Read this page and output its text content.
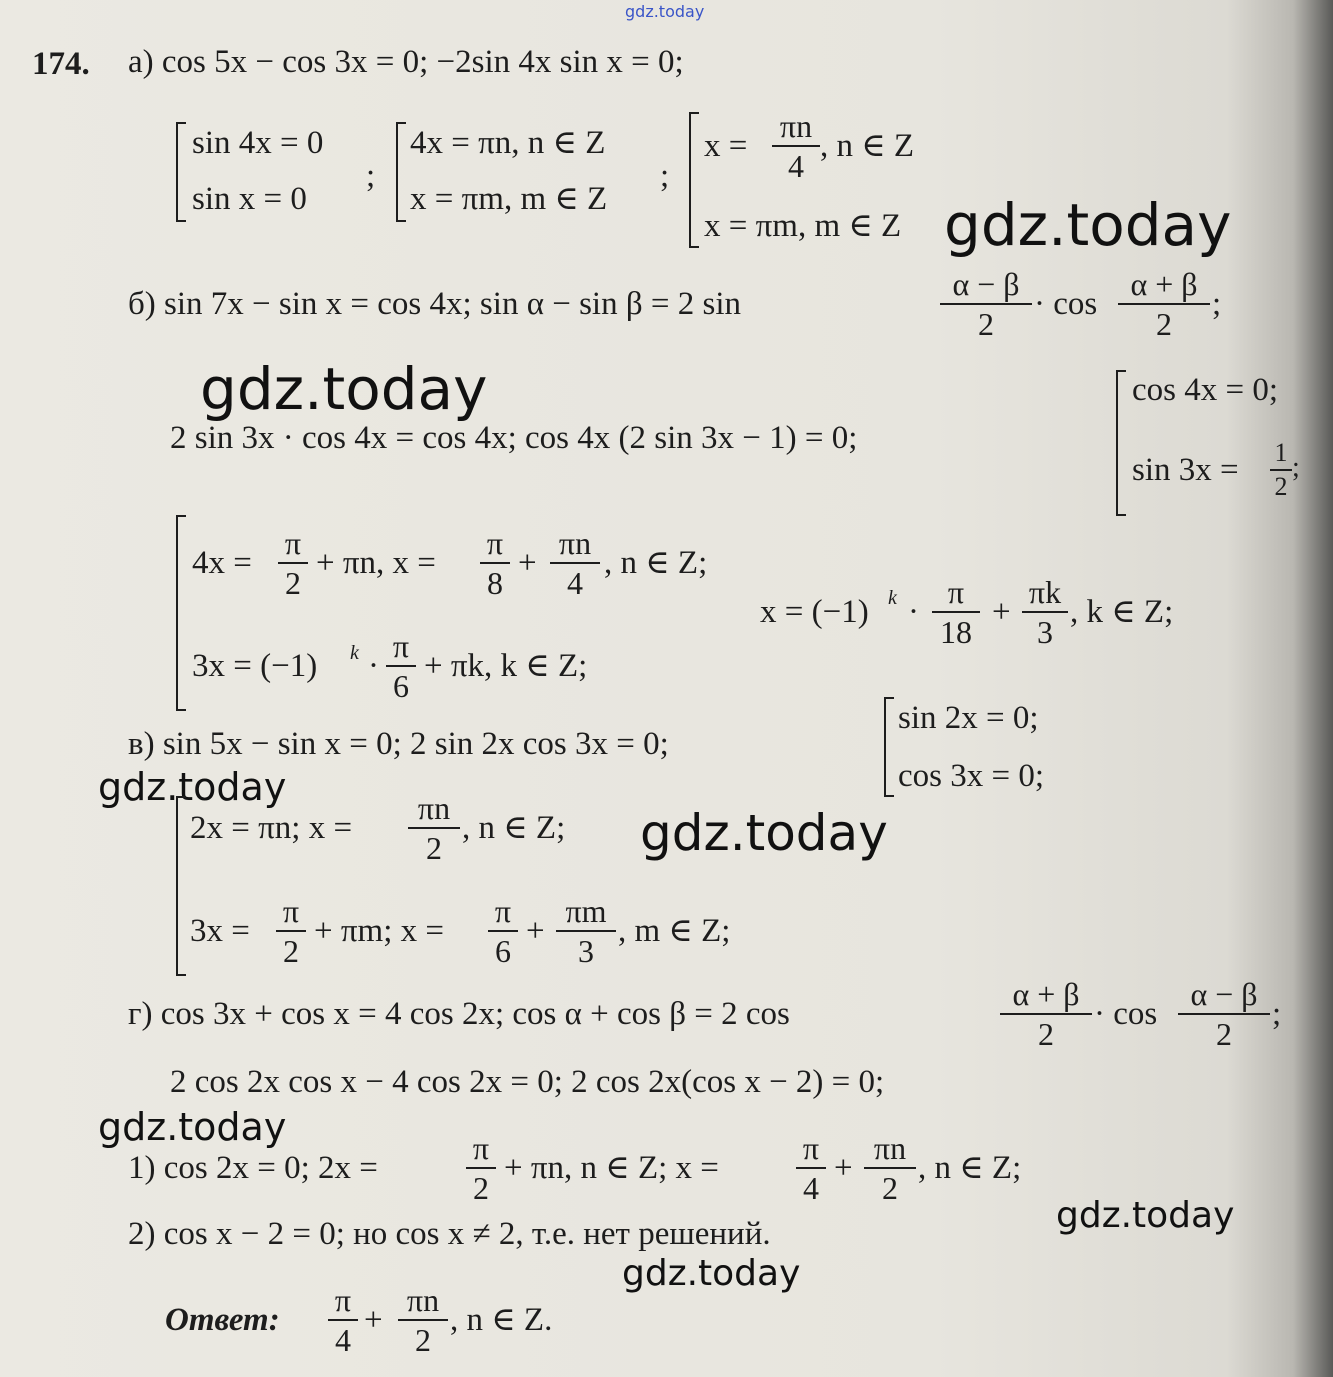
gdz.today
174. а) cos 5x − cos 3x = 0; −2sin 4x sin x = 0;
sin 4x = 0
sin x = 0
;
4x = πn, n ∈ Z
x = πm, m ∈ Z
;
x =
πn
4
, n ∈ Z
x = πm, m ∈ Z gdz.today
б) sin 7x − sin x = cos 4x; sin α − sin β = 2 sin
α − β
2
· cos
α + β
2
;
gdz.today
2 sin 3x · cos 4x = cos 4x; cos 4x (2 sin 3x − 1) = 0;
cos 4x = 0;
sin 3x = 1
2
;
4x =
π
2
+ πn, x =
π
8
+
πn
4
, n ∈ Z;
x = (−1) k ·
π
18
+
πk
3
, k ∈ Z;
3x = (−1) k ·
π
6
+ πk, k ∈ Z;
в) sin 5x − sin x = 0; 2 sin 2x cos 3x = 0;
sin 2x = 0;
cos 3x = 0;
gdz.today
gdz.today
2x = πn; x =
πn
2
, n ∈ Z;
3x =
π
2
+ πm; x =
π
6
+
πm
3
, m ∈ Z;
г) cos 3x + cos x = 4 cos 2x; cos α + cos β = 2 cos
α + β
2
· cos
α − β
2
;
2 cos 2x cos x − 4 cos 2x = 0; 2 cos 2x(cos x − 2) = 0;
gdz.today
1) cos 2x = 0; 2x =
π
2
+ πn, n ∈ Z; x =
π
4
+
πn
2
, n ∈ Z;
2) cos x − 2 = 0; но cos x ≠ 2, т.е. нет решений.	gdz.today
gdz.today
Ответ:
π
4
+
πn
2
, n ∈ Z.
